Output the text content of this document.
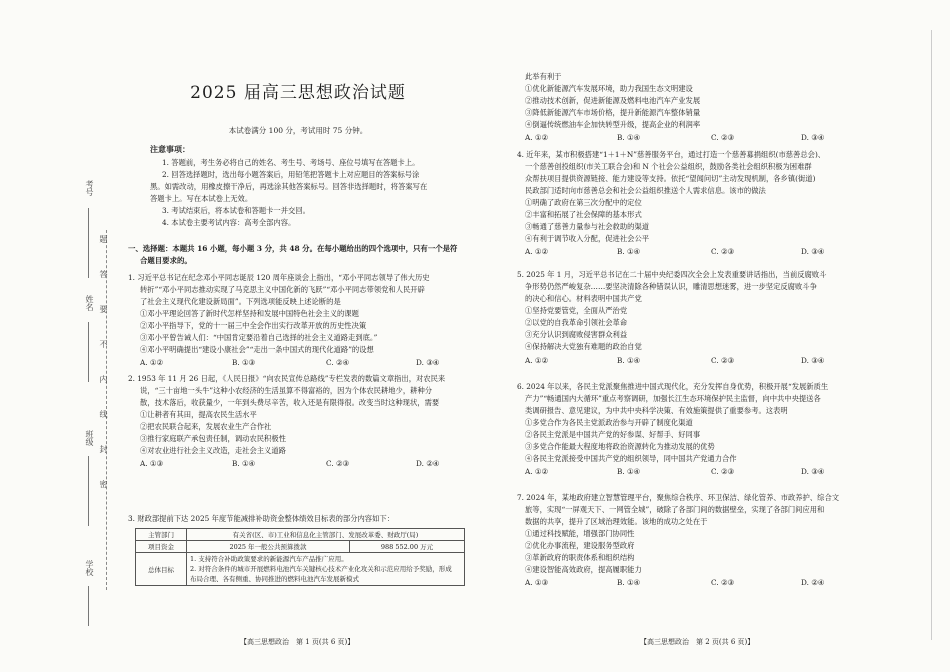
考号
姓名
班级
学校
题
答
要
不
内
线
封
密
2025 届高三思想政治试题
本试卷满分 100 分，考试用时 75 分钟。
注意事项：
1. 答题前，考生务必将自己的姓名、考生号、考场号、座位号填写在答题卡上。
2. 回答选择题时，选出每小题答案后，用铅笔把答题卡上对应题目的答案标号涂
黑。如需改动，用橡皮擦干净后，再选涂其他答案标号。回答非选择题时，将答案写在
答题卡上。写在本试卷上无效。
3. 考试结束后，将本试卷和答题卡一并交回。
4. 本试卷主要考试内容：高考全部内容。
一、选择题：本题共 16 小题，每小题 3 分，共 48 分。在每小题给出的四个选项中，只有一个是符
合题目要求的。
1. 习近平总书记在纪念邓小平同志诞辰 120 周年座谈会上指出，“邓小平同志领导了伟大历史
转折”“邓小平同志推动实现了马克思主义中国化新的飞跃”“邓小平同志带领党和人民开辟
了社会主义现代化建设新局面”。下列选项能反映上述论断的是
①邓小平理论回答了新时代怎样坚持和发展中国特色社会主义的课题
②邓小平指导下，党的十一届三中全会作出实行改革开放的历史性决策
③邓小平曾告诫人们：“中国肯定要沿着自己选择的社会主义道路走到底。”
④邓小平明确提出“建设小康社会”“走出一条中国式的现代化道路”的设想
A. ①②	B. ①③	C. ②④	D. ③④
2. 1953 年 11 月 26 日起，《人民日报》“向农民宣传总路线”专栏发表的数篇文章指出，对农民来
说，“三十亩地一头牛”这种小农经济的生活虽算不得富裕的，因为个体农民耕地少，耕种分
散，技术落后，收获量少，一年到头费尽辛苦，收入还是有限得很。改变当时这种现状，需要
①让耕者有其田，提高农民生活水平
②把农民联合起来，发展农业生产合作社
③推行家庭联产承包责任制，调动农民积极性
④对农业进行社会主义改造，走社会主义道路
A. ①③	B. ①④	C. ②③	D. ②④
3. 财政部提前下达 2025 年度节能减排补助资金整体绩效目标表的部分内容如下：
主管部门	有关省(区、市)工业和信息化主管部门、发展改革委、财政厅(局)	
项目资金	2025 年一般公共预算拨款	988 552.00 万元
总体目标	1. 支持符合补助政策要求的新能源汽车产品推广应用。
2. 对符合条件的城市开展燃料电池汽车关键核心技术产业化攻关和示范应用给予奖励，形成
布局合理、各有侧重、协同推进的燃料电池汽车发展新模式	
【高三思想政治　第 1 页(共 6 页)】
此举有利于
①优化新能源汽车发展环境，助力我国生态文明建设
②推动技术创新，促进新能源及燃料电池汽车产业发展
③降低新能源汽车市场价格，提升新能源汽车整体销量
④倒逼传统燃油车企加快转型升级，提高企业的利润率
A. ①②	B. ①④	C. ②③	D. ③④
4. 近年来，某市积极搭建“1＋1＋N”慈善服务平台，通过打造一个慈善募捐组织(市慈善总会)、
一个慈善创投组织(市关工联合会)和 N 个社会公益组织，鼓励各类社会组织积极为困难群
众帮扶项目提供资源链接、能力建设等支持。依托“望闻问切”主动发现机制，各乡镇(街道)
民政部门适时向市慈善总会和社会公益组织推送个人需求信息。该市的做法
①明确了政府在第三次分配中的定位
②丰富和拓展了社会保障的基本形式
③畅通了慈善力量参与社会救助的渠道
④有利于调节收入分配，促进社会公平
A. ①②	B. ①④	C. ②③	D. ③④
5. 2025 年 1 月，习近平总书记在二十届中央纪委四次全会上发表重要讲话指出，当前反腐败斗
争形势仍然严峻复杂……要坚决清除各种错误认识，雕清思想迷雾，进一步坚定反腐败斗争
的决心和信心。材料表明中国共产党
①坚持党要管党，全面从严治党
②以党的自我革命引领社会革命
③充分认识到腐败侵害群众利益
④保持解决大党独有难题的政治自觉
A. ①②	B. ①④	C. ②③	D. ③④
6. 2024 年以来，各民主党派聚焦推进中国式现代化，充分发挥自身优势，积极开展“发展新质生
产力”“畅通国内大循环”重点考察调研，加强长江生态环境保护民主监督，向中共中央提送各
类调研报告、意见建议，为中共中央科学决策、有效施策提供了重要参考。这表明
①多党合作为各民主党派政治参与开辟了制度化渠道
②各民主党派是中国共产党的好参谋、好帮手、好同事
③多党合作能最大程度地将政治资源转化为推动发展的优势
④各民主党派接受中国共产党的组织领导，同中国共产党通力合作
A. ①②	B. ①④	C. ②③	D. ③④
7. 2024 年，某地政府建立智慧管理平台，聚焦综合秩序、环卫保洁、绿化管养、市政养护、综合文
旅等，实现“一屏观天下、一网管全城”，破除了各部门间的数据壁垒，实现了各部门间应用和
数据的共享，提升了区域治理效能。该地的成功之处在于
①通过科技赋能，增强部门协同性
②优化办事流程，建设服务型政府
③革新政府的职责体系和组织结构
④建设智能高效政府，提高履职能力
A. ①③	B. ①④	C. ②③	D. ②④
【高三思想政治　第 2 页(共 6 页)】
